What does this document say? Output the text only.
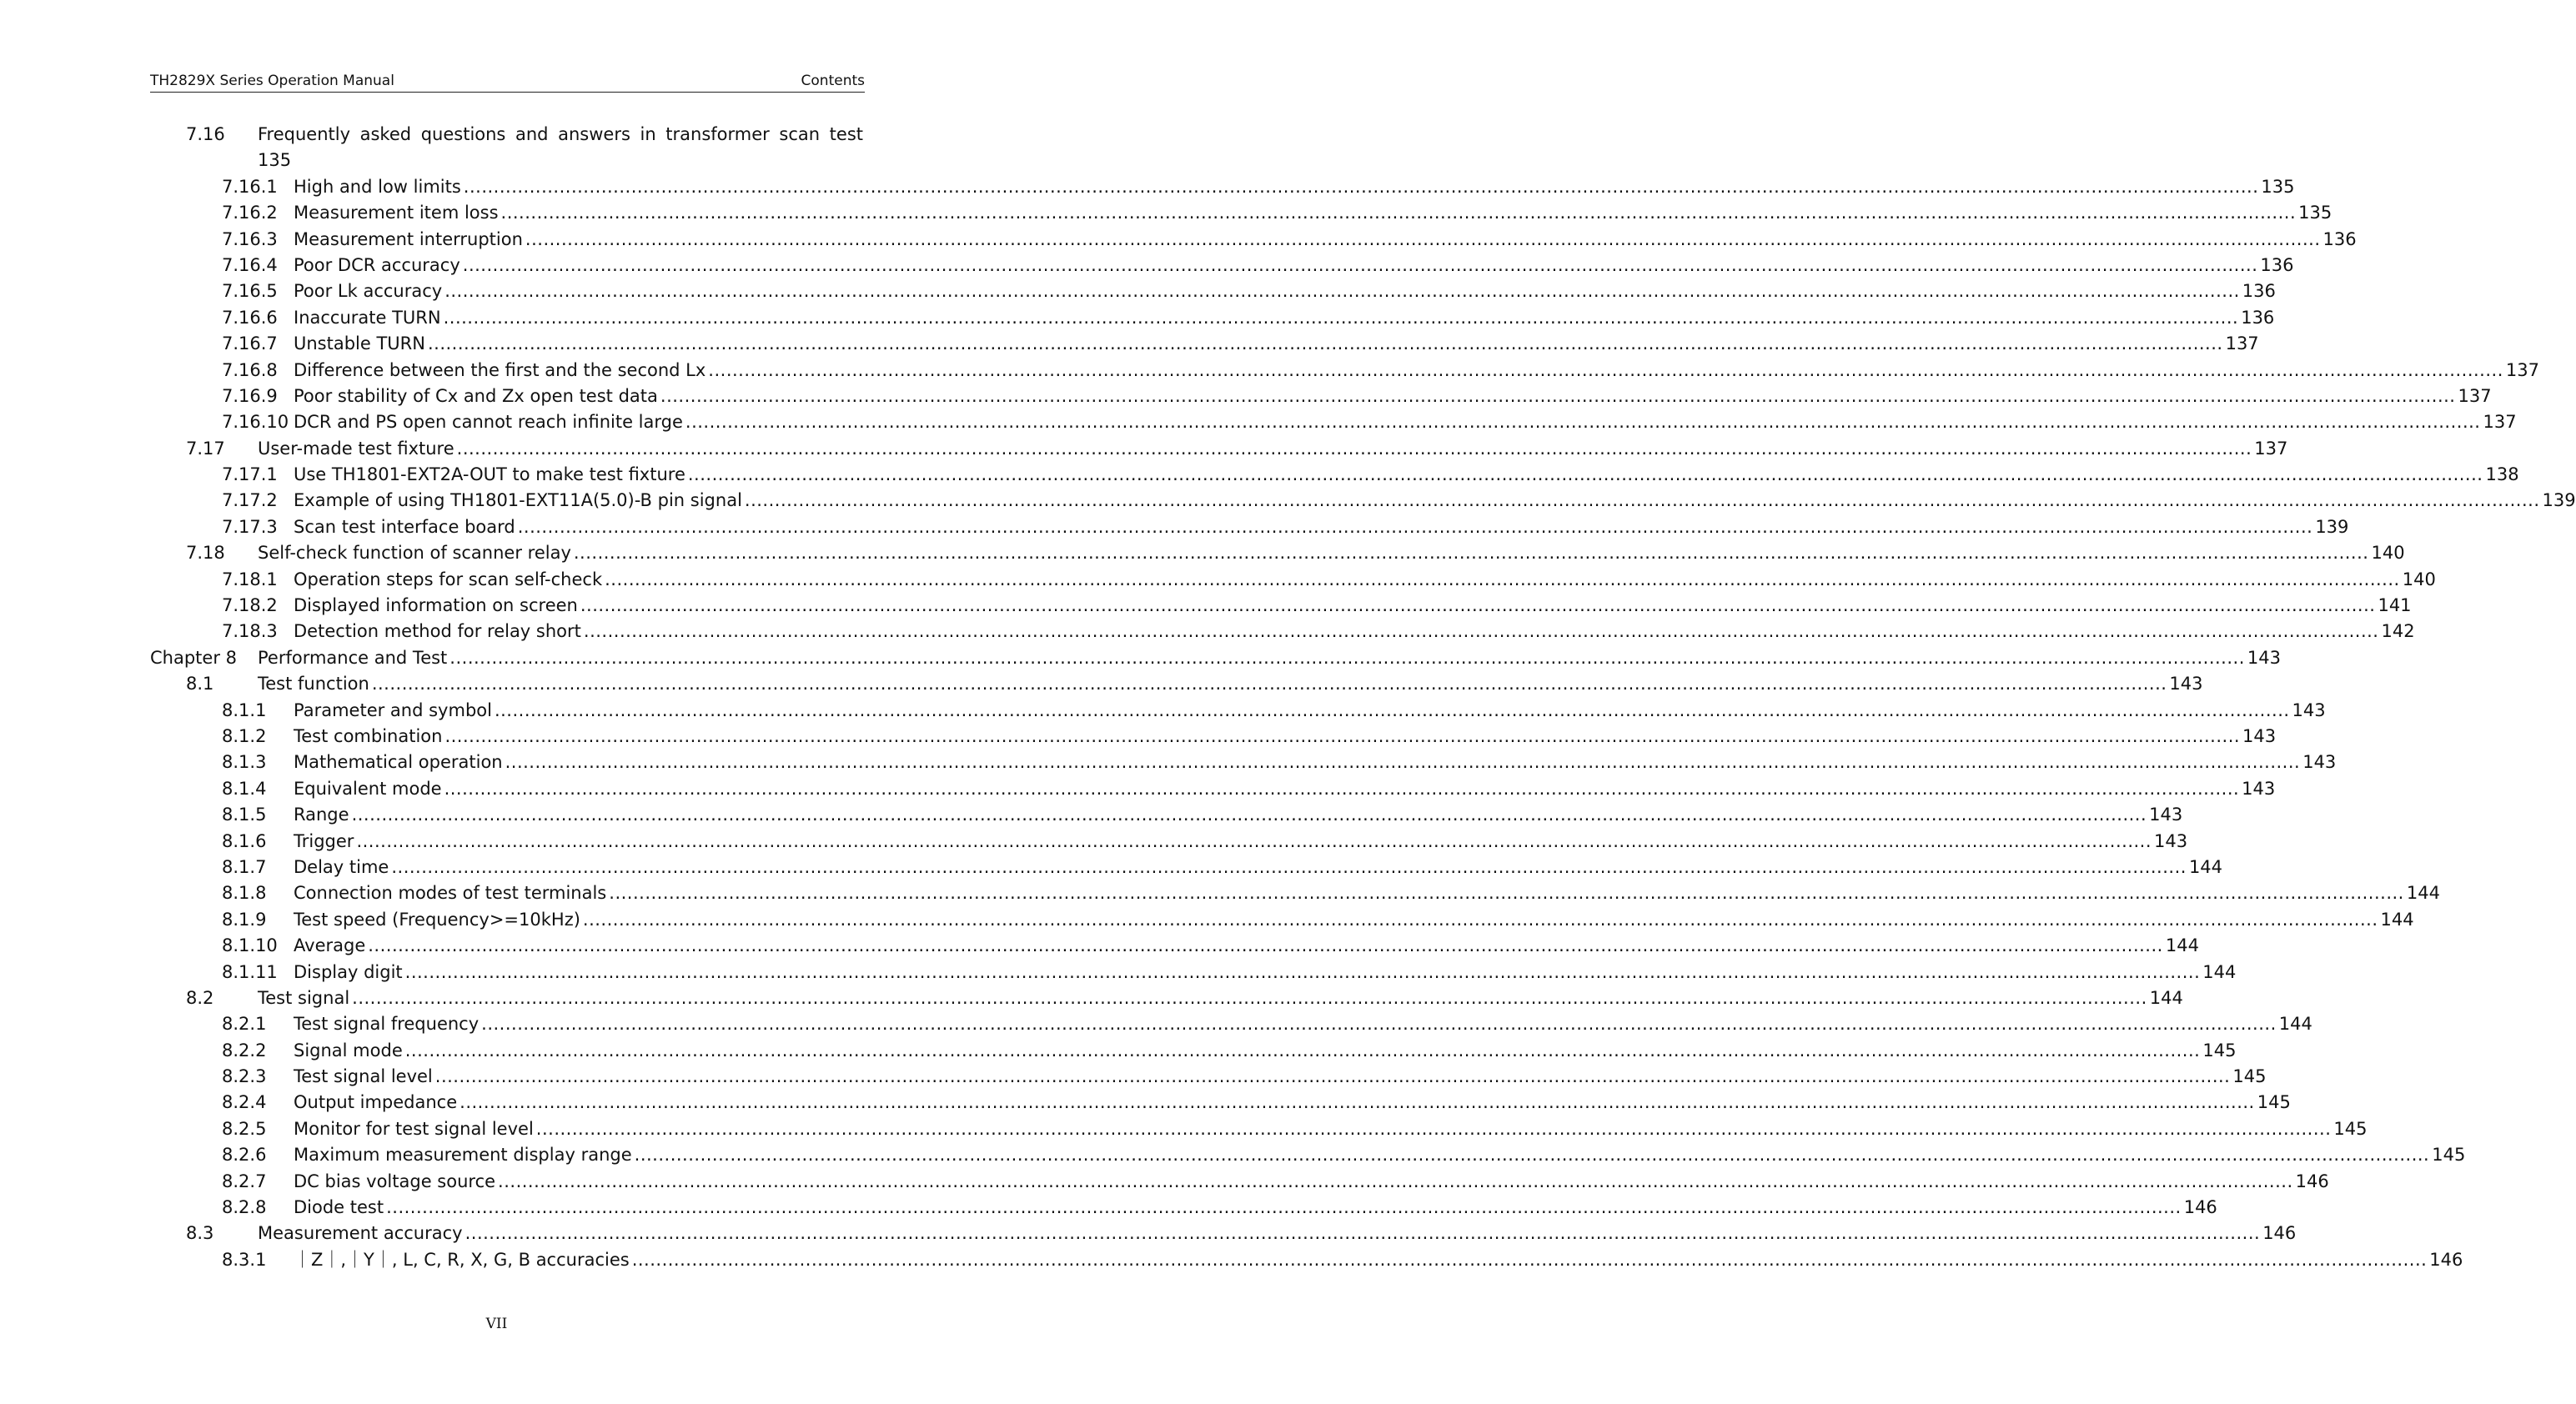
TH2829X Series Operation Manual	Contents
7.16 Frequently asked questions and answers in transformer scan test
135
7.16.1 High and low limits ............................................................................................................................................................................................................................................................................................................ 135
7.16.2 Measurement item loss ............................................................................................................................................................................................................................................................................................................ 135
7.16.3 Measurement interruption ............................................................................................................................................................................................................................................................................................................ 136
7.16.4 Poor DCR accuracy ............................................................................................................................................................................................................................................................................................................ 136
7.16.5 Poor Lk accuracy ............................................................................................................................................................................................................................................................................................................ 136
7.16.6 Inaccurate TURN ............................................................................................................................................................................................................................................................................................................ 136
7.16.7 Unstable TURN ............................................................................................................................................................................................................................................................................................................ 137
7.16.8 Difference between the first and the second Lx ............................................................................................................................................................................................................................................................................................................ 137
7.16.9 Poor stability of Cx and Zx open test data ............................................................................................................................................................................................................................................................................................................ 137
7.16.10 DCR and PS open cannot reach infinite large ............................................................................................................................................................................................................................................................................................................ 137
7.17 User-made test fixture ............................................................................................................................................................................................................................................................................................................ 137
7.17.1 Use TH1801-EXT2A-OUT to make test fixture ............................................................................................................................................................................................................................................................................................................ 138
7.17.2 Example of using TH1801-EXT11A(5.0)-B pin signal ............................................................................................................................................................................................................................................................................................................ 139
7.17.3 Scan test interface board ............................................................................................................................................................................................................................................................................................................ 139
7.18 Self-check function of scanner relay ............................................................................................................................................................................................................................................................................................................ 140
7.18.1 Operation steps for scan self-check ............................................................................................................................................................................................................................................................................................................ 140
7.18.2 Displayed information on screen ............................................................................................................................................................................................................................................................................................................ 141
7.18.3 Detection method for relay short ............................................................................................................................................................................................................................................................................................................ 142
Chapter 8 Performance and Test ............................................................................................................................................................................................................................................................................................................ 143
8.1	Test function ............................................................................................................................................................................................................................................................................................................ 143
8.1.1 Parameter and symbol ............................................................................................................................................................................................................................................................................................................ 143
8.1.2 Test combination ............................................................................................................................................................................................................................................................................................................ 143
8.1.3 Mathematical operation ............................................................................................................................................................................................................................................................................................................ 143
8.1.4 Equivalent mode ............................................................................................................................................................................................................................................................................................................ 143
8.1.5 Range ............................................................................................................................................................................................................................................................................................................ 143
8.1.6 Trigger ............................................................................................................................................................................................................................................................................................................ 143
8.1.7 Delay time ............................................................................................................................................................................................................................................................................................................ 144
8.1.8 Connection modes of test terminals ............................................................................................................................................................................................................................................................................................................ 144
8.1.9 Test speed (Frequency>=10kHz) ............................................................................................................................................................................................................................................................................................................ 144
8.1.10 Average ............................................................................................................................................................................................................................................................................................................ 144
8.1.11 Display digit ............................................................................................................................................................................................................................................................................................................ 144
8.2	Test signal ............................................................................................................................................................................................................................................................................................................ 144
8.2.1 Test signal frequency ............................................................................................................................................................................................................................................................................................................ 144
8.2.2 Signal mode ............................................................................................................................................................................................................................................................................................................ 145
8.2.3 Test signal level ............................................................................................................................................................................................................................................................................................................ 145
8.2.4 Output impedance ............................................................................................................................................................................................................................................................................................................ 145
8.2.5 Monitor for test signal level ............................................................................................................................................................................................................................................................................................................ 145
8.2.6 Maximum measurement display range ............................................................................................................................................................................................................................................................................................................ 145
8.2.7 DC bias voltage source ............................................................................................................................................................................................................................................................................................................ 146
8.2.8 Diode test ............................................................................................................................................................................................................................................................................................................ 146
8.3	Measurement accuracy ............................................................................................................................................................................................................................................................................................................ 146
8.3.1 ｜Z｜,｜Y｜, L, C, R, X, G, B accuracies ............................................................................................................................................................................................................................................................................................................ 146
VII
